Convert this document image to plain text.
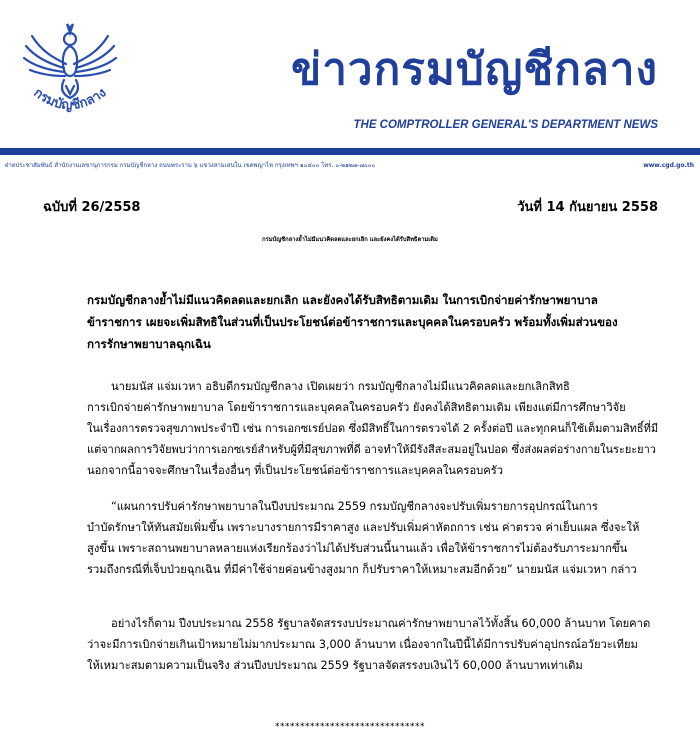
กรมบัญชีกลาง	ข่าวกรมบัญชีกลาง
THE COMPTROLLER GENERAL'S DEPARTMENT NEWS
ฝ่ายประชาสัมพันธ์ สำนักงานเลขานุการกรม กรมบัญชีกลาง ถนนพระราม ๖ แขวงสามเสนใน เขตพญาไท กรุงเทพฯ ๑๐๔๐๐ โทร. ๐-๒๑๒๗-๗๐๐๐	www.cgd.go.th
ฉบับที่ 26/2558	วันที่ 14 กันยายน 2558
กรมบัญชีกลางย้ำไม่มีแนวคิดลดและยกเลิก และยังคงได้รับสิทธิตามเดิม
กรมบัญชีกลางย้ำไม่มีแนวคิดลดและยกเลิก และยังคงได้รับสิทธิตามเดิม ในการเบิกจ่ายค่ารักษาพยาบาล
ข้าราชการ เผยจะเพิ่มสิทธิในส่วนที่เป็นประโยชน์ต่อข้าราชการและบุคคลในครอบครัว พร้อมทั้งเพิ่มส่วนของ
การรักษาพยาบาลฉุกเฉิน
นายมนัส แจ่มเวหา อธิบดีกรมบัญชีกลาง เปิดเผยว่า กรมบัญชีกลางไม่มีแนวคิดลดและยกเลิกสิทธิ
การเบิกจ่ายค่ารักษาพยาบาล โดยข้าราชการและบุคคลในครอบครัว ยังคงได้สิทธิตามเดิม เพียงแต่มีการศึกษาวิจัย
ในเรื่องการตรวจสุขภาพประจำปี เช่น การเอกซเรย์ปอด ซึ่งมีสิทธิ์ในการตรวจได้ 2 ครั้งต่อปี และทุกคนก็ใช้เต็มตามสิทธิ์ที่มี
แต่จากผลการวิจัยพบว่าการเอกซเรย์สำหรับผู้ที่มีสุขภาพที่ดี อาจทำให้มีรังสีสะสมอยู่ในปอด ซึ่งส่งผลต่อร่างกายในระยะยาว
นอกจากนี้อาจจะศึกษาในเรื่องอื่นๆ ที่เป็นประโยชน์ต่อข้าราชการและบุคคลในครอบครัว
“แผนการปรับค่ารักษาพยาบาลในปีงบประมาณ 2559 กรมบัญชีกลางจะปรับเพิ่มรายการอุปกรณ์ในการ
บำบัดรักษาให้ทันสมัยเพิ่มขึ้น เพราะบางรายการมีราคาสูง และปรับเพิ่มค่าหัตถการ เช่น ค่าตรวจ ค่าเย็บแผล ซึ่งจะให้
สูงขึ้น เพราะสถานพยาบาลหลายแห่งเรียกร้องว่าไม่ได้ปรับส่วนนี้นานแล้ว เพื่อให้ข้าราชการไม่ต้องรับภาระมากขึ้น
รวมถึงกรณีที่เจ็บป่วยฉุกเฉิน ที่มีค่าใช้จ่ายค่อนข้างสูงมาก ก็ปรับราคาให้เหมาะสมอีกด้วย” นายมนัส แจ่มเวหา กล่าว
อย่างไรก็ตาม ปีงบประมาณ 2558 รัฐบาลจัดสรรงบประมาณค่ารักษาพยาบาลไว้ทั้งสิ้น 60,000 ล้านบาท โดยคาด
ว่าจะมีการเบิกจ่ายเกินเป้าหมายไม่มากประมาณ 3,000 ล้านบาท เนื่องจากในปีนี้ได้มีการปรับค่าอุปกรณ์อวัยวะเทียม
ให้เหมาะสมตามความเป็นจริง ส่วนปีงบประมาณ 2559 รัฐบาลจัดสรรงบเงินไว้ 60,000 ล้านบาทเท่าเดิม
******************************
